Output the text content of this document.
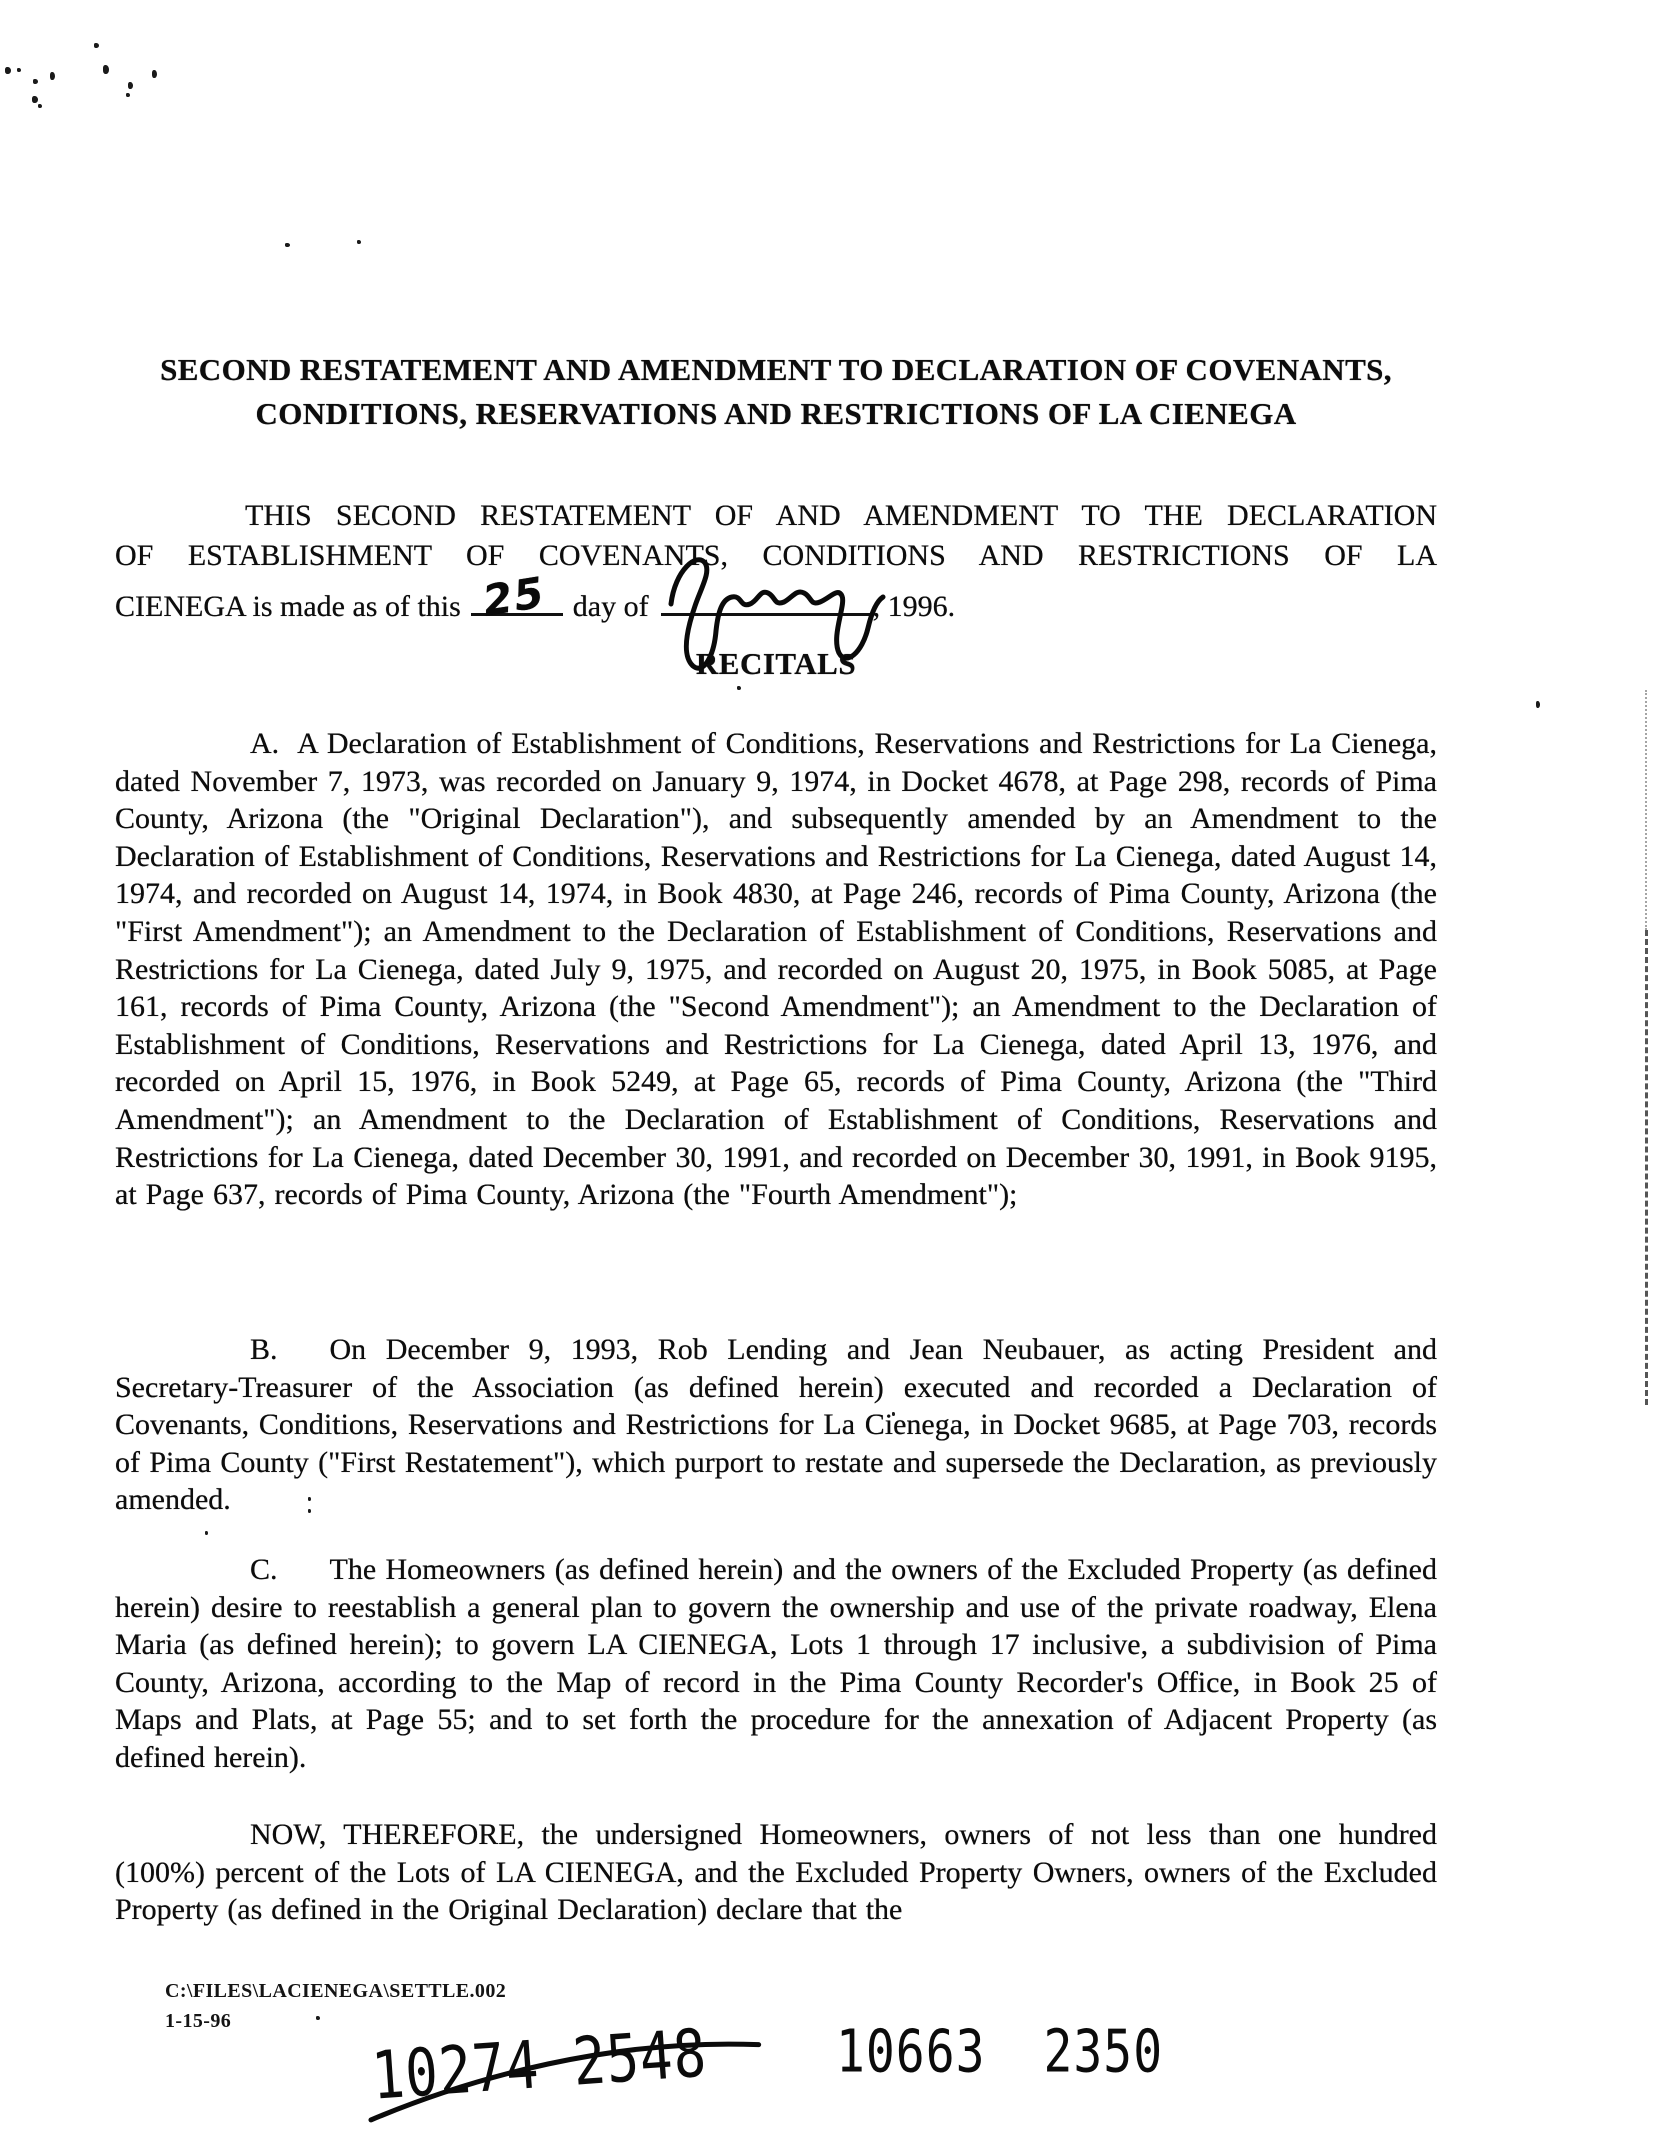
SECOND RESTATEMENT AND AMENDMENT TO DECLARATION OF COVENANTS,
CONDITIONS, RESERVATIONS AND RESTRICTIONS OF LA CIENEGA
THIS SECOND RESTATEMENT OF AND AMENDMENT TO THE DECLARATION
OF ESTABLISHMENT OF COVENANTS, CONDITIONS AND RESTRICTIONS OF LA
CIENEGA is made as of this 25 day of	, 1996.
RECITALS
A. A Declaration of Establishment of Conditions, Reservations and Restrictions for La Cienega, dated November 7, 1973, was recorded on January 9, 1974, in Docket 4678, at Page 298, records of Pima County, Arizona (the "Original Declaration"), and subsequently amended by an Amendment to the Declaration of Establishment of Conditions, Reservations and Restrictions for La Cienega, dated August 14, 1974, and recorded on August 14, 1974, in Book 4830, at Page 246, records of Pima County, Arizona (the "First Amendment"); an Amendment to the Declaration of Establishment of Conditions, Reservations and Restrictions for La Cienega, dated July 9, 1975, and recorded on August 20, 1975, in Book 5085, at Page 161, records of Pima County, Arizona (the "Second Amendment"); an Amendment to the Declaration of Establishment of Conditions, Reservations and Restrictions for La Cienega, dated April 13, 1976, and recorded on April 15, 1976, in Book 5249, at Page 65, records of Pima County, Arizona (the "Third Amendment"); an Amendment to the Declaration of Establishment of Conditions, Reservations and Restrictions for La Cienega, dated December 30, 1991, and recorded on December 30, 1991, in Book 9195, at Page 637, records of Pima County, Arizona (the "Fourth Amendment");
B. On December 9, 1993, Rob Lending and Jean Neubauer, as acting President and Secretary-Treasurer of the Association (as defined herein) executed and recorded a Declaration of Covenants, Conditions, Reservations and Restrictions for La Cienega, in Docket 9685, at Page 703, records of Pima County ("First Restatement"), which purport to restate and supersede the Declaration, as previously amended.
C. The Homeowners (as defined herein) and the owners of the Excluded Property (as defined herein) desire to reestablish a general plan to govern the ownership and use of the private roadway, Elena Maria (as defined herein); to govern LA CIENEGA, Lots 1 through 17 inclusive, a subdivision of Pima County, Arizona, according to the Map of record in the Pima County Recorder's Office, in Book 25 of Maps and Plats, at Page 55; and to set forth the procedure for the annexation of Adjacent Property (as defined herein).
NOW, THEREFORE, the undersigned Homeowners, owners of not less than one hundred (100%) percent of the Lots of LA CIENEGA, and the Excluded Property Owners, owners of the Excluded Property (as defined in the Original Declaration) declare that the
C:\FILES\LACIENEGA\SETTLE.002
1-15-96
10274 2548	10663 2350
